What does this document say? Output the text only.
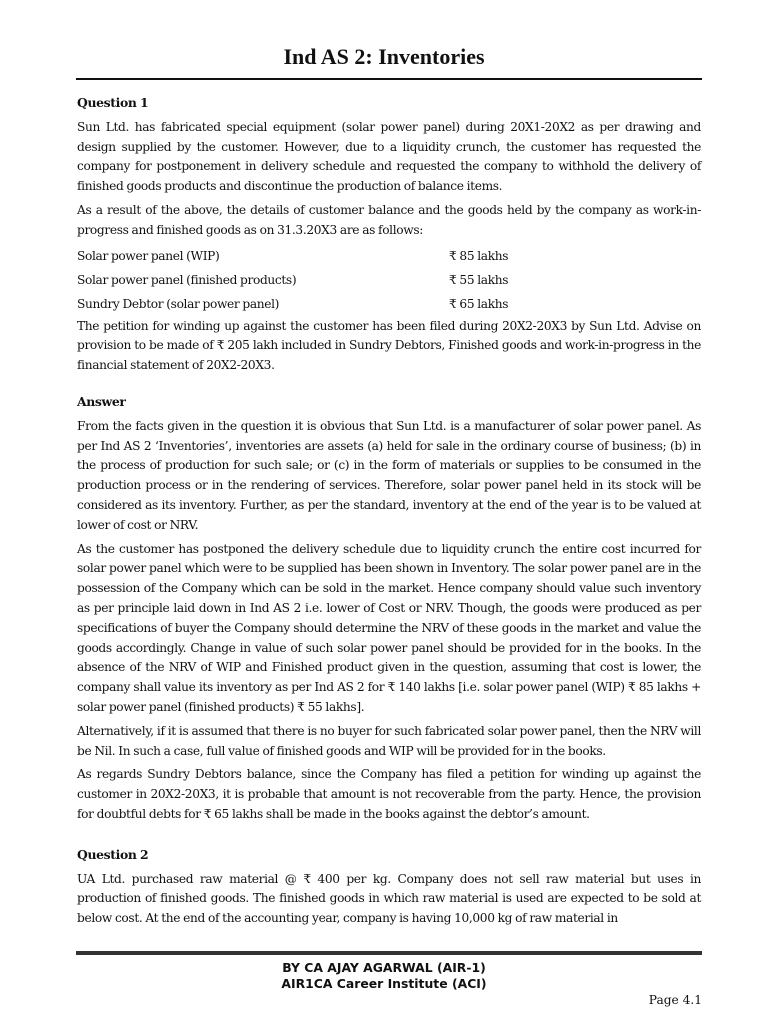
Ind AS 2: Inventories
Question 1

Sun Ltd. has fabricated special equipment (solar power panel) during 20X1-20X2 as per drawing and design supplied by the customer. However, due to a liquidity crunch, the customer has requested the company for postponement in delivery schedule and requested the company to withhold the delivery of finished goods products and discontinue the production of balance items.

As a result of the above, the details of customer balance and the goods held by the company as work-in-progress and finished goods as on 31.3.20X3 are as follows:

Solar power panel (WIP)	₹ 85 lakhs
Solar power panel (finished products)	₹ 55 lakhs
Sundry Debtor (solar power panel)	₹ 65 lakhs

The petition for winding up against the customer has been filed during 20X2-20X3 by Sun Ltd. Advise on provision to be made of ₹ 205 lakh included in Sundry Debtors, Finished goods and work-in-progress in the financial statement of 20X2-20X3.

Answer

From the facts given in the question it is obvious that Sun Ltd. is a manufacturer of solar power panel. As per Ind AS 2 ‘Inventories’, inventories are assets (a) held for sale in the ordinary course of business; (b) in the process of production for such sale; or (c) in the form of materials or supplies to be consumed in the production process or in the rendering of services. Therefore, solar power panel held in its stock will be considered as its inventory. Further, as per the standard, inventory at the end of the year is to be valued at lower of cost or NRV.

As the customer has postponed the delivery schedule due to liquidity crunch the entire cost incurred for solar power panel which were to be supplied has been shown in Inventory. The solar power panel are in the possession of the Company which can be sold in the market. Hence company should value such inventory as per principle laid down in Ind AS 2 i.e. lower of Cost or NRV. Though, the goods were produced as per specifications of buyer the Company should determine the NRV of these goods in the market and value the goods accordingly. Change in value of such solar power panel should be provided for in the books. In the absence of the NRV of WIP and Finished product given in the question, assuming that cost is lower, the company shall value its inventory as per Ind AS 2 for ₹ 140 lakhs [i.e. solar power panel (WIP) ₹ 85 lakhs + solar power panel (finished products) ₹ 55 lakhs].

Alternatively, if it is assumed that there is no buyer for such fabricated solar power panel, then the NRV will be Nil. In such a case, full value of finished goods and WIP will be provided for in the books.

As regards Sundry Debtors balance, since the Company has filed a petition for winding up against the customer in 20X2-20X3, it is probable that amount is not recoverable from the party. Hence, the provision for doubtful debts for ₹ 65 lakhs shall be made in the books against the debtor’s amount.

Question 2

UA Ltd. purchased raw material @ ₹ 400 per kg. Company does not sell raw material but uses in production of finished goods. The finished goods in which raw material is used are expected to be sold at below cost. At the end of the accounting year, company is having 10,000 kg of raw material in

BY CA AJAY AGARWAL (AIR-1)
AIR1CA Career Institute (ACI)
Page 4.1
